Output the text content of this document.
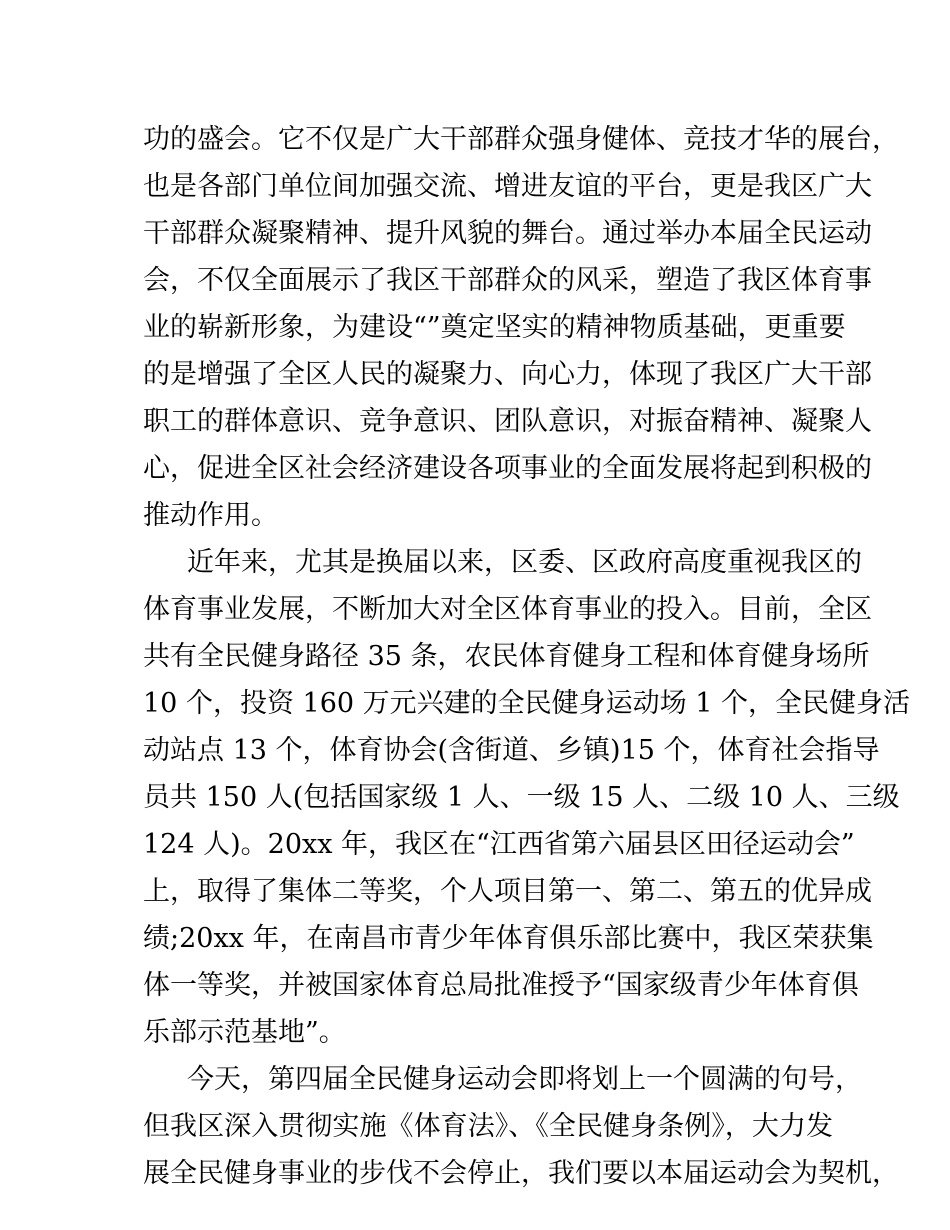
功的盛会。它不仅是广大干部群众强身健体、竞技才华的展台，
也是各部门单位间加强交流、增进友谊的平台，更是我区广大
干部群众凝聚精神、提升风貌的舞台。通过举办本届全民运动
会，不仅全面展示了我区干部群众的风采，塑造了我区体育事
业的崭新形象，为建设“”奠定坚实的精神物质基础，更重要
的是增强了全区人民的凝聚力、向心力，体现了我区广大干部
职工的群体意识、竞争意识、团队意识，对振奋精神、凝聚人
心，促进全区社会经济建设各项事业的全面发展将起到积极的
推动作用。
近年来，尤其是换届以来，区委、区政府高度重视我区的
体育事业发展，不断加大对全区体育事业的投入。目前，全区
共有全民健身路径 35 条，农民体育健身工程和体育健身场所
10 个，投资 160 万元兴建的全民健身运动场 1 个，全民健身活
动站点 13 个，体育协会(含街道、乡镇)15 个，体育社会指导
员共 150 人(包括国家级 1 人、一级 15 人、二级 10 人、三级
124 人)。20xx 年，我区在“江西省第六届县区田径运动会”
上，取得了集体二等奖，个人项目第一、第二、第五的优异成
绩;20xx 年，在南昌市青少年体育俱乐部比赛中，我区荣获集
体一等奖，并被国家体育总局批准授予“国家级青少年体育俱
乐部示范基地”。
今天，第四届全民健身运动会即将划上一个圆满的句号，
但我区深入贯彻实施《体育法》、《全民健身条例》，大力发
展全民健身事业的步伐不会停止，我们要以本届运动会为契机，
